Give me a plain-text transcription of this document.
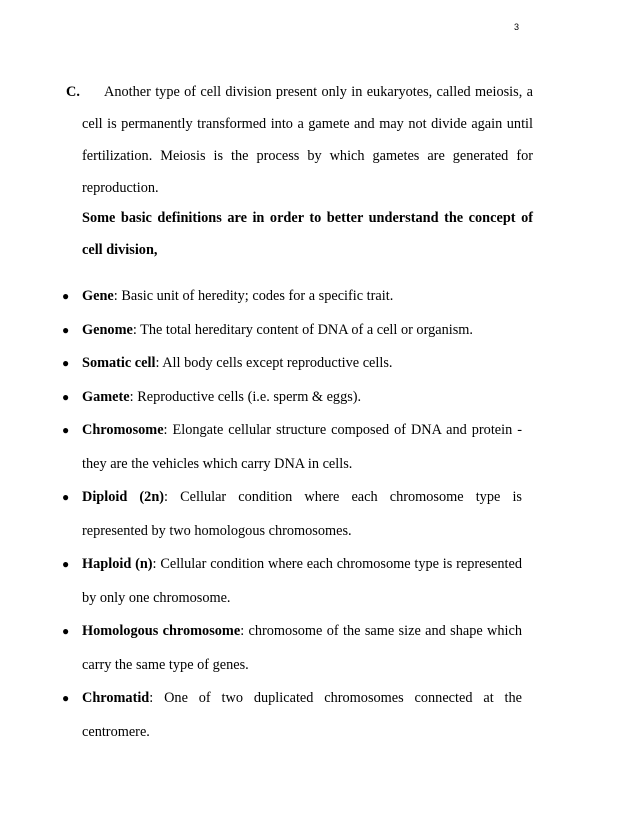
3
C. Another type of cell division present only in eukaryotes, called meiosis, a cell is permanently transformed into a gamete and may not divide again until fertilization. Meiosis is the process by which gametes are generated for reproduction.
Some basic definitions are in order to better understand the concept of cell division,
● Gene: Basic unit of heredity; codes for a specific trait.
● Genome: The total hereditary content of DNA of a cell or organism.
● Somatic cell: All body cells except reproductive cells.
● Gamete: Reproductive cells (i.e. sperm & eggs).
● Chromosome: Elongate cellular structure composed of DNA and protein - they are the vehicles which carry DNA in cells.
● Diploid (2n): Cellular condition where each chromosome type is represented by two homologous chromosomes.
● Haploid (n): Cellular condition where each chromosome type is represented by only one chromosome.
● Homologous chromosome: chromosome of the same size and shape which carry the same type of genes.
● Chromatid: One of two duplicated chromosomes connected at the centromere.
